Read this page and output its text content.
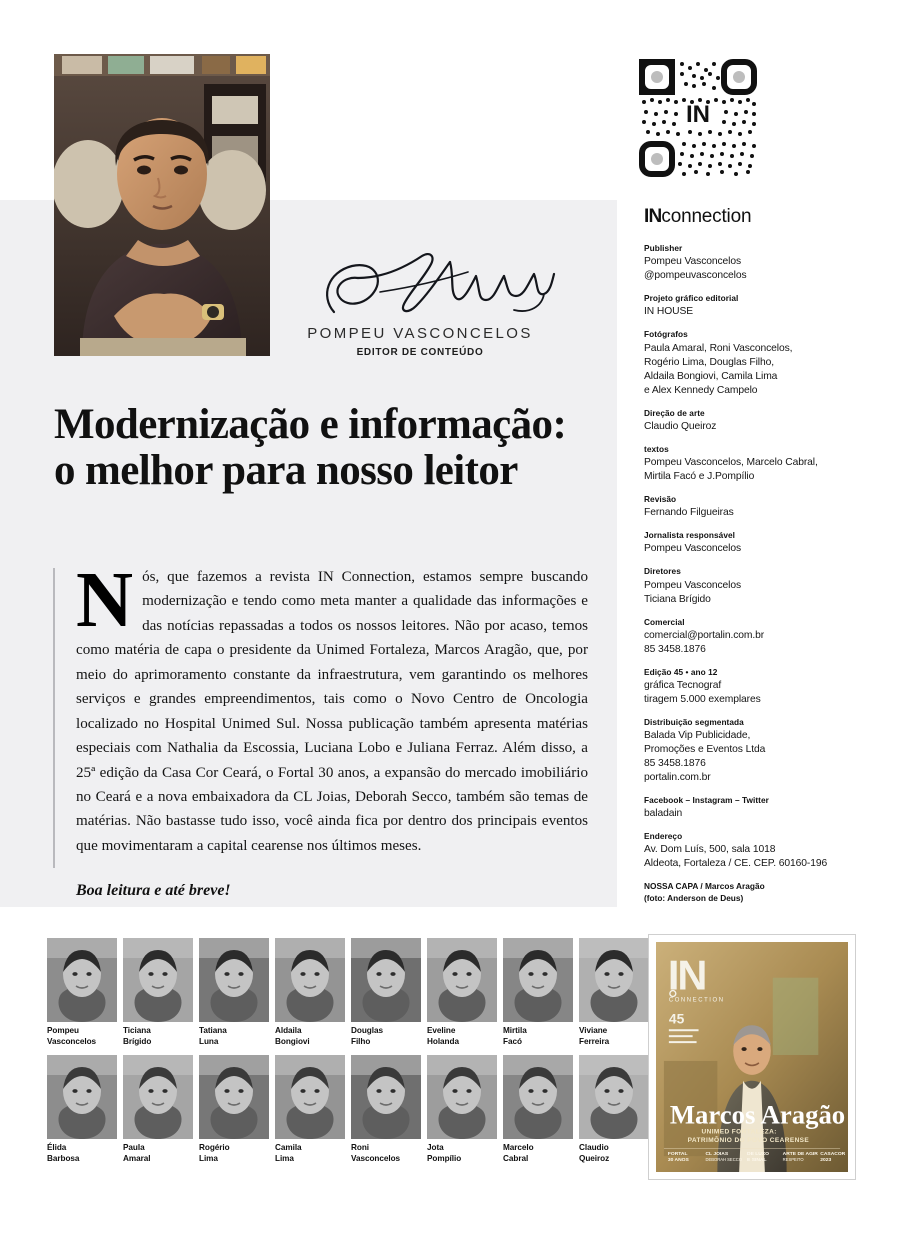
POMPEU VASCONCELOS
EDITOR DE CONTEÚDO
Modernização e informação: o melhor para nosso leitor

Nós, que fazemos a revista IN Connection, estamos sempre buscando modernização e tendo como meta manter a qualidade das informações e das notícias repassadas a todos os nossos leitores. Não por acaso, temos como matéria de capa o presidente da Unimed Fortaleza, Marcos Aragão, que, por meio do aprimoramento constante da infraestrutura, vem garantindo os melhores serviços e grandes empreendimentos, tais como o Novo Centro de Oncologia localizado no Hospital Unimed Sul. Nossa publicação também apresenta matérias especiais com Nathalia da Escossia, Luciana Lobo e Juliana Ferraz. Além disso, a 25ª edição da Casa Cor Ceará, o Fortal 30 anos, a expansão do mercado imobiliário no Ceará e a nova embaixadora da CL Joias, Deborah Secco, também são temas de matérias. Não bastasse tudo isso, você ainda fica por dentro dos principais eventos que movimentaram a capital cearense nos últimos meses.

Boa leitura e até breve!

IN
INconnection
Publisher
Pompeu Vasconcelos
@pompeuvasconcelos
Projeto gráfico editorial
IN HOUSE
Fotógrafos
Paula Amaral, Roni Vasconcelos,
Rogério Lima, Douglas Filho,
Aldaila Bongiovi, Camila Lima
e Alex Kennedy Campelo
Direção de arte
Claudio Queiroz
textos
Pompeu Vasconcelos, Marcelo Cabral,
Mirtila Facó e J.Pompílio
Revisão
Fernando Filgueiras
Jornalista responsável
Pompeu Vasconcelos
Diretores
Pompeu Vasconcelos
Ticiana Brígido
Comercial
comercial@portalin.com.br
85 3458.1876
Edição 45 • ano 12
gráfica Tecnograf
tiragem 5.000 exemplares
Distribuição segmentada
Balada Vip Publicidade,
Promoções e Eventos Ltda
85 3458.1876
portalin.com.br
Facebook – Instagram – Twitter
baladain
Endereço
Av. Dom Luís, 500, sala 1018
Aldeota, Fortaleza / CE. CEP. 60160-196
NOSSA CAPA / Marcos Aragão
(foto: Anderson de Deus)
Pompeu
Vasconcelos
Ticiana
Brígido
Tatiana
Luna
Aldaila
Bongiovi
Douglas
Filho
Eveline
Holanda
Mirtila
Facó
Viviane
Ferreira
Élida
Barbosa
Paula
Amaral
Rogério
Lima
Camila
Lima
Roni
Vasconcelos
Jota
Pompílio
Marcelo
Cabral
Claudio
Queiroz
IN
CONNECTION
45
Marcos Aragão
UNIMED FORTALEZA:
PATRIMÔNIO DO POVO CEARENSE
FORTAL
30 ANOS
CL JOIAS
DEBORAH SECCO
DE LUXO
E SINAL
ARTE DE AGIR
RESPEITO
CASACOR
2023
